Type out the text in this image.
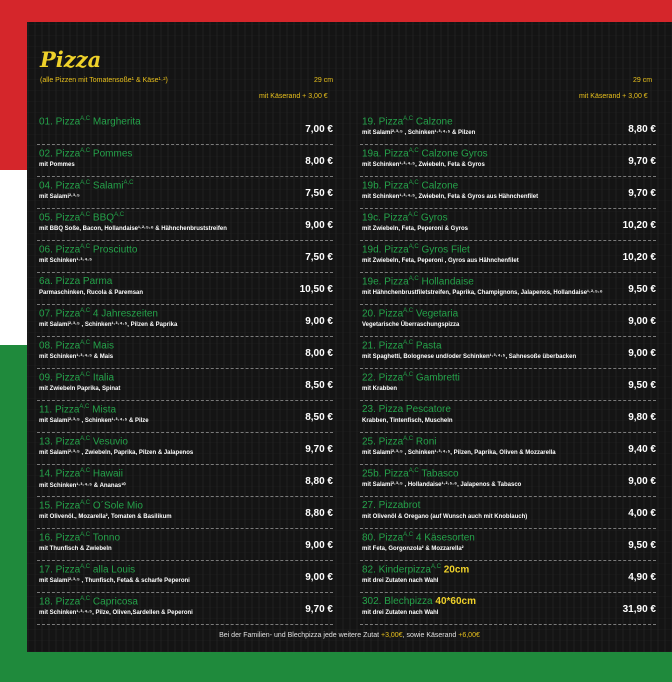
Pizza
(alle Pizzen mit Tomatensoße¹ & Käse¹·²)	29 cm
mit Käserand + 3,00 €
29 cm
mit Käserand + 3,00 €
01. Pizza$^{A,C}$ Margherita
7,00 €
02. Pizza$^{A,C}$ Pommes
mit Pommes	8,00 €
04. Pizza$^{A,C}$ Salami$^{A,C}$
mit Salami²·³·⁵	7,50 €
05. Pizza$^{A,C}$ $BBQ^{A,C}$
mit BBQ Soße, Bacon, Hollandaise¹·²·⁵·⁶ & Hähnchenbruststreifen	9,00 €
06. Pizza$^{A,C}$ Prosciutto
mit Schinken¹·³·⁴·⁵	7,50 €
6a. Pizza Parma
Parmaschinken, Rucola & Paremsan	10,50 €
07. Pizza$^{A,C}$ 4 Jahreszeiten
mit Salami²·³·⁵ , Schinken¹·³·⁴·⁵, Pilzen & Paprika	9,00 €
08. Pizza$^{A,C}$ Mais
mit Schinken¹·³·⁴·⁵ & Mais	8,00 €
09. Pizza$^{A,C}$ Italia
mit Zwiebeln Paprika, Spinat	8,50 €
11. Pizza$^{A,C}$ Mista
mit Salami²·³·⁵ , Schinken¹·³·⁴·⁵ & Pilze	8,50 €
13. Pizza$^{A,C}$ Vesuvio
mit Salami²·³·⁵ , Zwiebeln, Paprika, Pilzen & Jalapenos	9,70 €
14. Pizza$^{A,C}$ Hawaii
mit Schinken¹·³·⁴·⁵ & Ananas¹⁰	8,80 €
15. Pizza$^{A,C}$ O´Sole Mio
mit Olivenöl., Mozarella², Tomaten & Basilikum	8,80 €
16. Pizza$^{A,C}$ Tonno
mit Thunfisch & Zwiebeln	9,00 €
17. Pizza$^{A,C}$ alla Louis
mit Salami²·³·⁵ , Thunfisch, Feta& & scharfe Peperoni	9,00 €
18. Pizza$^{A,C}$ Capricosa
mit Schinken¹·³·⁴·⁵, Pilze, Oliven,Sardellen & Peperoni	9,70 €
19. Pizza$^{A,C}$ Calzone
mit Salami²·³·⁵ , Schinken¹·³·⁴·⁵ & Pilzen	8,80 €
19a. Pizza$^{A,C}$ Calzone Gyros
mit Schinken¹·³·⁴·⁵, Zwiebeln, Feta & Gyros	9,70 €
19b. Pizza$^{A,C}$ Calzone
mit Schinken¹·³·⁴·⁵, Zwiebeln, Feta & Gyros aus Hähnchenfilet	9,70 €
19c. Pizza$^{A,C}$ Gyros
mit Zwiebeln, Feta, Peperoni & Gyros	10,20 €
19d. Pizza$^{A,C}$ Gyros Filet
mit Zwiebeln, Feta, Peperoni , Gyros aus Hähnchenfilet	10,20 €
19e. Pizza$^{A,C}$ Hollandaise
mit Hähnchenbrustfiletstreifen, Paprika, Champignons, Jalapenos, Hollandaise¹·²·⁵·⁶	9,50 €
20. Pizza$^{A,C}$ Vegetaria
Vegetarische Überraschungspizza	9,00 €
21. Pizza$^{A,C}$ Pasta
mit Spaghetti, Bolognese und/oder Schinken¹·³·⁴·⁵, Sahnesoße überbacken	9,00 €
22. Pizza$^{A,C}$ Gambretti
mit Krabben	9,50 €
23. Pizza Pescatore
Krabben, Tintenfisch, Muscheln	9,80 €
25. Pizza$^{A,C}$ Roni
mit Salami²·³·⁵ , Schinken¹·³·⁴·⁵, Pilzen, Paprika, Oliven & Mozzarella	9,40 €
25b. Pizza$^{A,C}$ Tabasco
mit Salami²·³·⁵ , Hollandaise¹·²·⁵·⁶, Jalapenos & Tabasco	9,00 €
27. Pizzabrot
mit Olivenöl & Oregano (auf Wunsch auch mit Knoblauch)	4,00 €
80. Pizza$^{A,C}$ 4 Käsesorten
mit Feta, Gorgonzola² & Mozzarella²	9,50 €
82. Kinderpizza$^{A,C}$ 20cm
mit drei Zutaten nach Wahl	4,90 €
302. Blechpizza 40*60cm
mit drei Zutaten nach Wahl	31,90 €
Bei der Familien- und Blechpizza jede weitere Zutat +3,00€, sowie Käserand +6,00€
